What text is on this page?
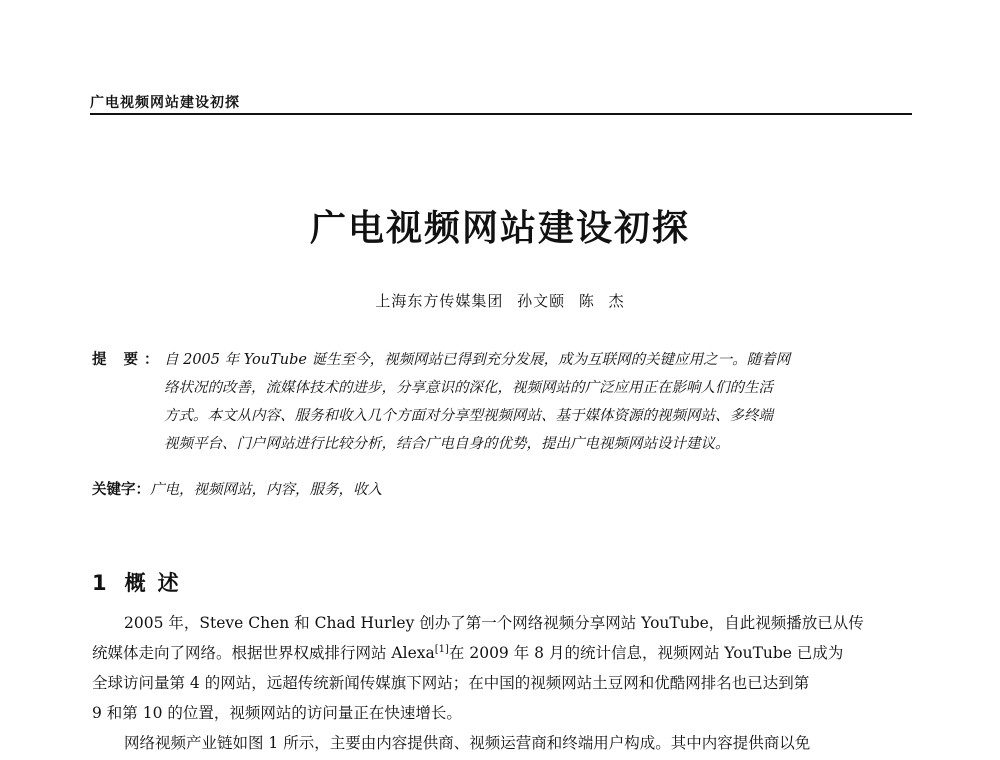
广电视频网站建设初探
广电视频网站建设初探
上海东方传媒集团 孙文颐 陈 杰
提 要：自 2005 年 YouTube 诞生至今，视频网站已得到充分发展，成为互联网的关键应用之一。随着网
络状况的改善，流媒体技术的进步，分享意识的深化，视频网站的广泛应用正在影响人们的生活
方式。本文从内容、服务和收入几个方面对分享型视频网站、基于媒体资源的视频网站、多终端
视频平台、门户网站进行比较分析，结合广电自身的优势，提出广电视频网站设计建议。
关键字：广电，视频网站，内容，服务，收入
1 概述
2005 年，Steve Chen 和 Chad Hurley 创办了第一个网络视频分享网站 YouTube，自此视频播放已从传
统媒体走向了网络。根据世界权威排行网站 Alexa[1]在 2009 年 8 月的统计信息，视频网站 YouTube 已成为
全球访问量第 4 的网站，远超传统新闻传媒旗下网站；在中国的视频网站土豆网和优酷网排名也已达到第
9 和第 10 的位置，视频网站的访问量正在快速增长。
网络视频产业链如图 1 所示，主要由内容提供商、视频运营商和终端用户构成。其中内容提供商以免
